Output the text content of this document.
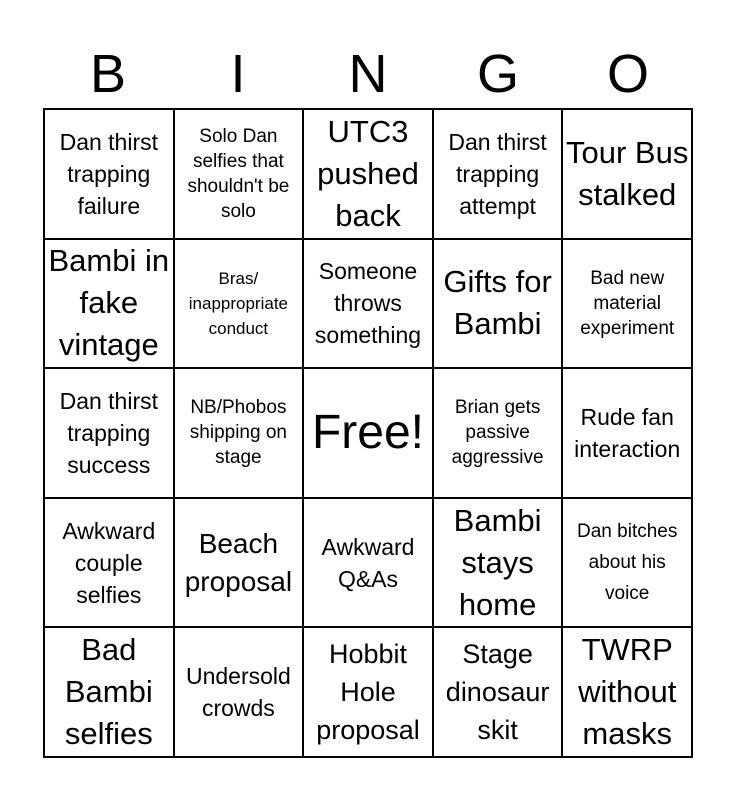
B	I	N	G	O
Dan thirst trapping failure
Solo Dan selfies that shouldn't be solo
UTC3 pushed back
Dan thirst trapping attempt
Tour Bus stalked
Bambi in fake vintage
Bras/ inappropriate conduct
Someone throws something
Gifts for Bambi
Bad new material experiment
Dan thirst trapping success
NB/Phobos shipping on stage	Free!	Brian gets passive aggressive
Rude fan interaction
Awkward couple selfies
Beach proposal
Awkward Q&As
Bambi stays home
Dan bitches about his voice
Bad Bambi selfies
Undersold crowds
Hobbit Hole proposal
Stage dinosaur skit
TWRP without masks
